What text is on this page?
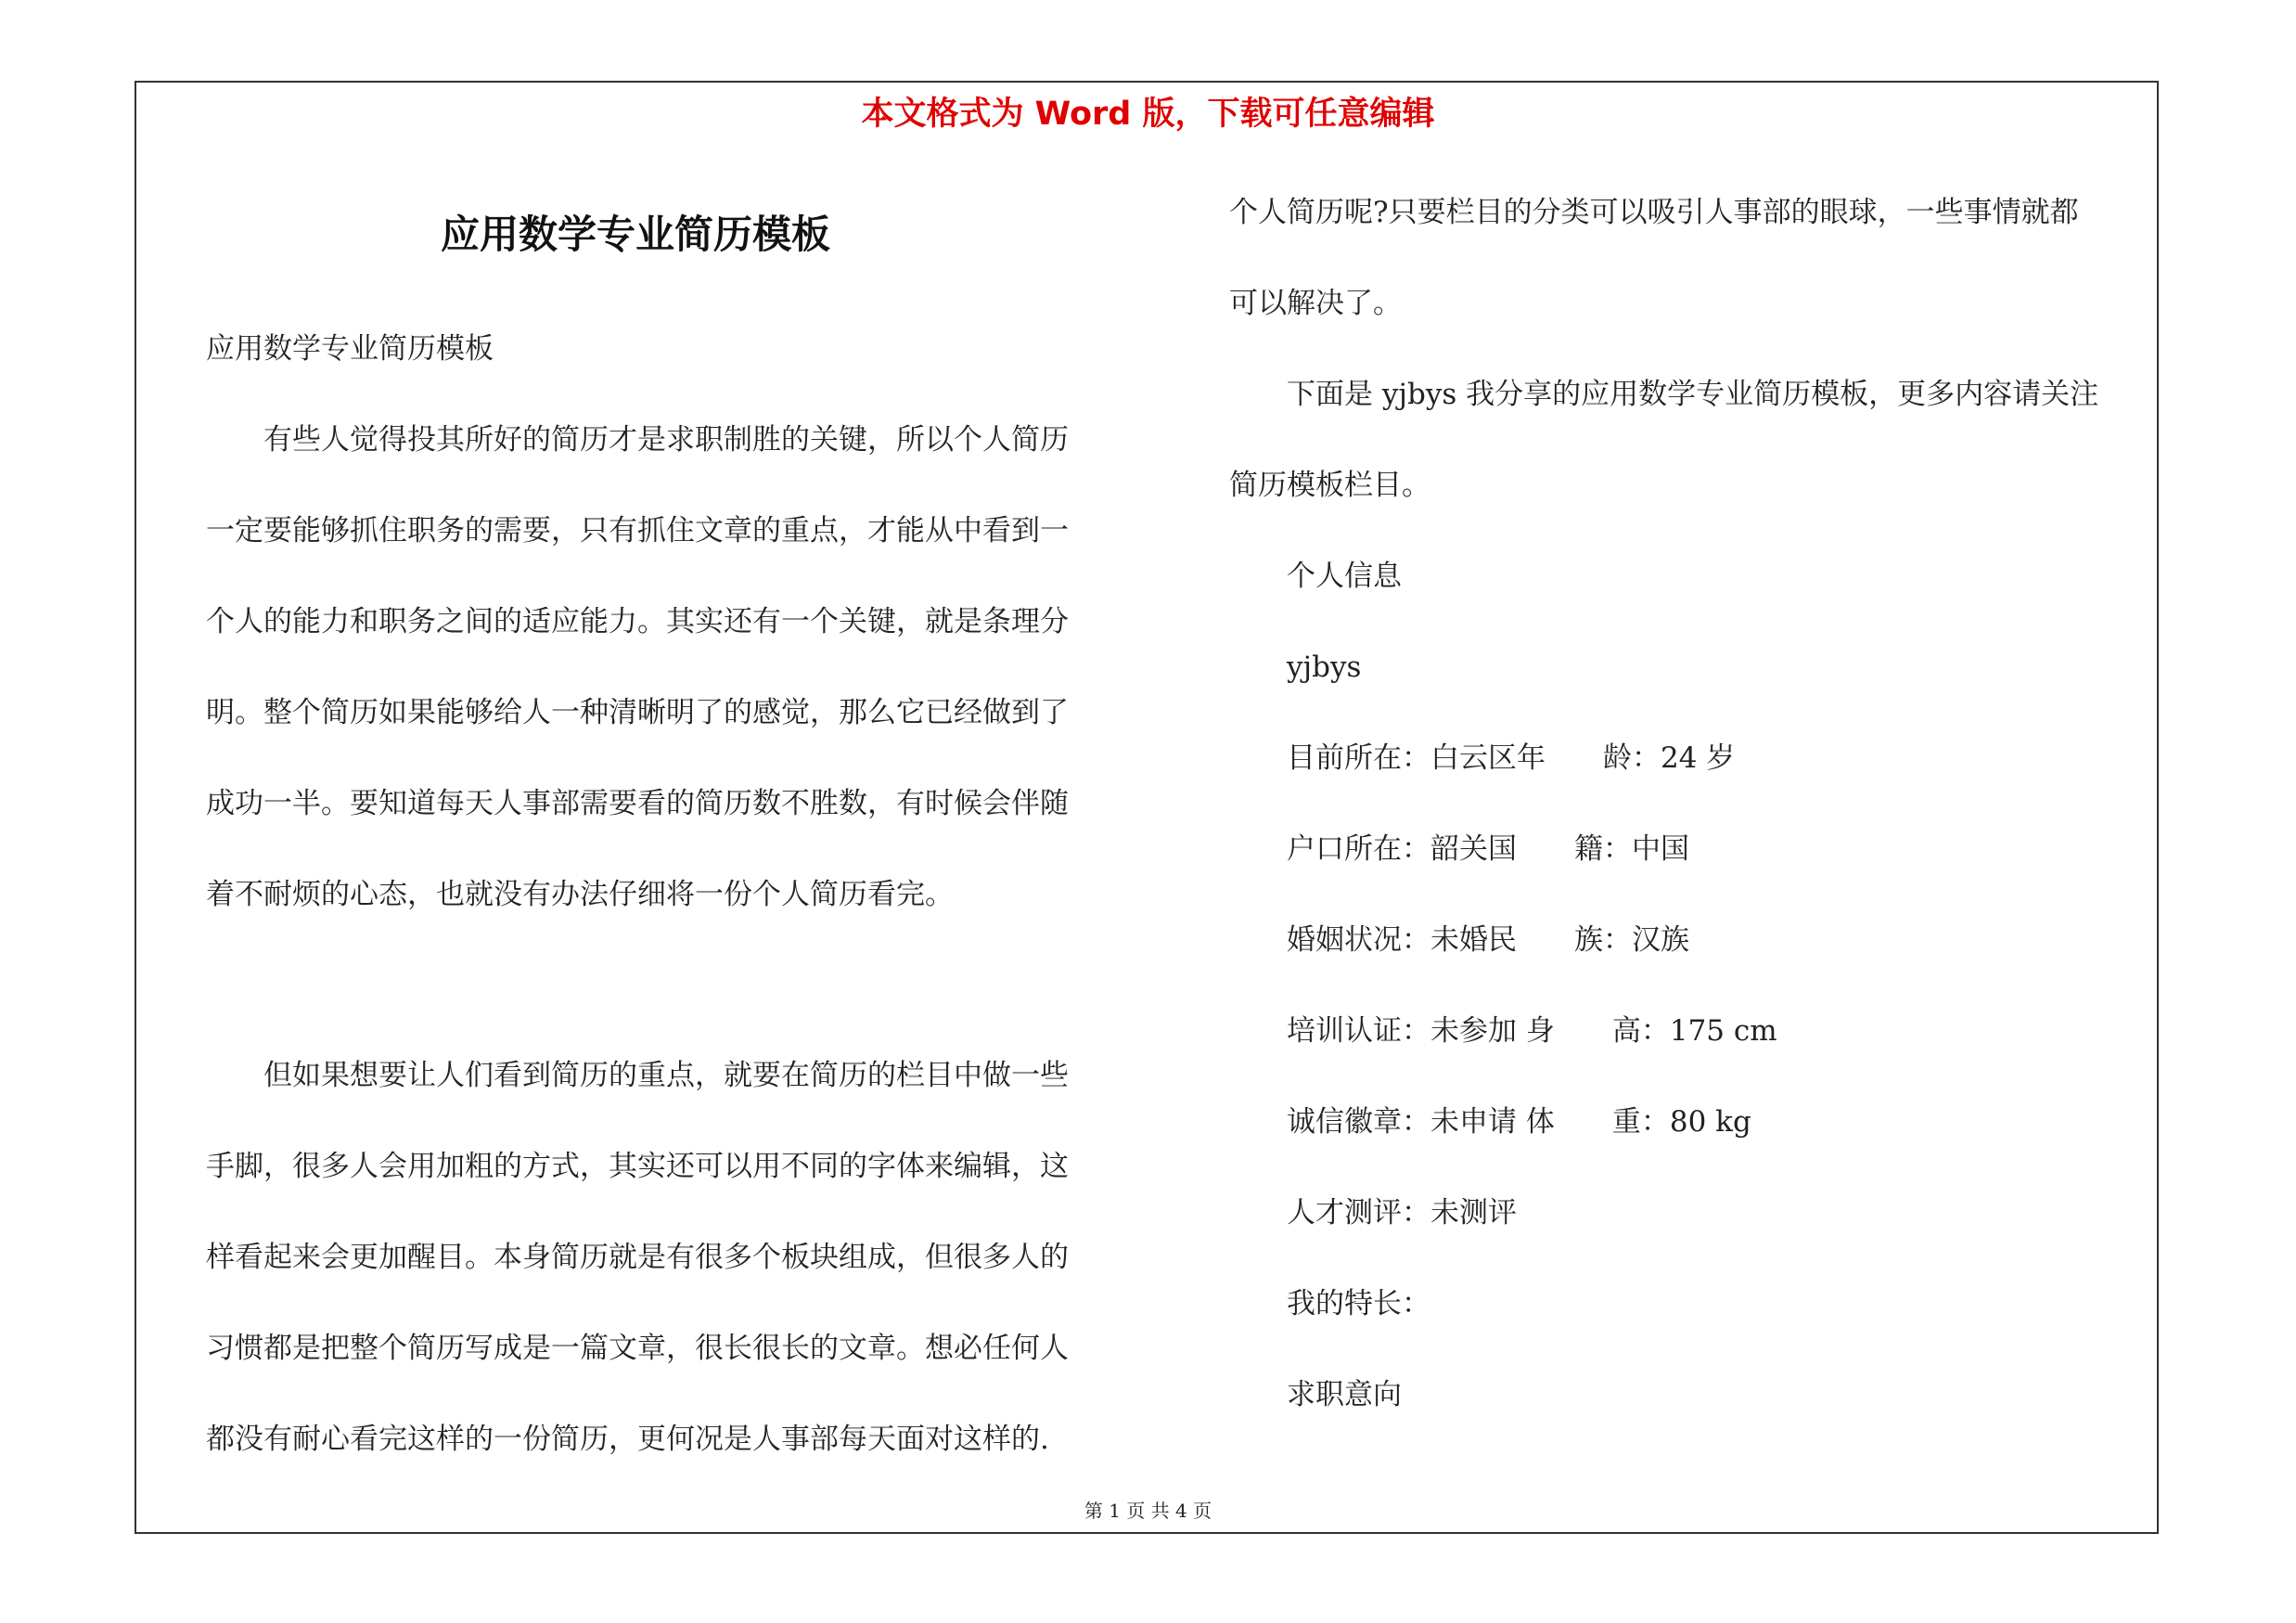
本文格式为 Word 版，下载可任意编辑
应用数学专业简历模板

应用数学专业简历模板

有些人觉得投其所好的简历才是求职制胜的关键，所以个人简历

一定要能够抓住职务的需要，只有抓住文章的重点，才能从中看到一

个人的能力和职务之间的适应能力。其实还有一个关键，就是条理分

明。整个简历如果能够给人一种清晰明了的感觉，那么它已经做到了

成功一半。要知道每天人事部需要看的简历数不胜数，有时候会伴随

着不耐烦的心态，也就没有办法仔细将一份个人简历看完。

但如果想要让人们看到简历的重点，就要在简历的栏目中做一些

手脚，很多人会用加粗的方式，其实还可以用不同的字体来编辑，这

样看起来会更加醒目。本身简历就是有很多个板块组成，但很多人的

习惯都是把整个简历写成是一篇文章，很长很长的文章。想必任何人

都没有耐心看完这样的一份简历，更何况是人事部每天面对这样的.

个人简历呢?只要栏目的分类可以吸引人事部的眼球，一些事情就都

可以解决了。

下面是 yjbys 我分享的应用数学专业简历模板，更多内容请关注

简历模板栏目。

个人信息

yjbys

目前所在：白云区年　　龄：24 岁

户口所在：韶关国　　籍：中国

婚姻状况：未婚民　　族：汉族

培训认证：未参加 身　　高：175 cm

诚信徽章：未申请 体　　重：80 kg

人才测评：未测评

我的特长：

求职意向

第 1 页 共 4 页
